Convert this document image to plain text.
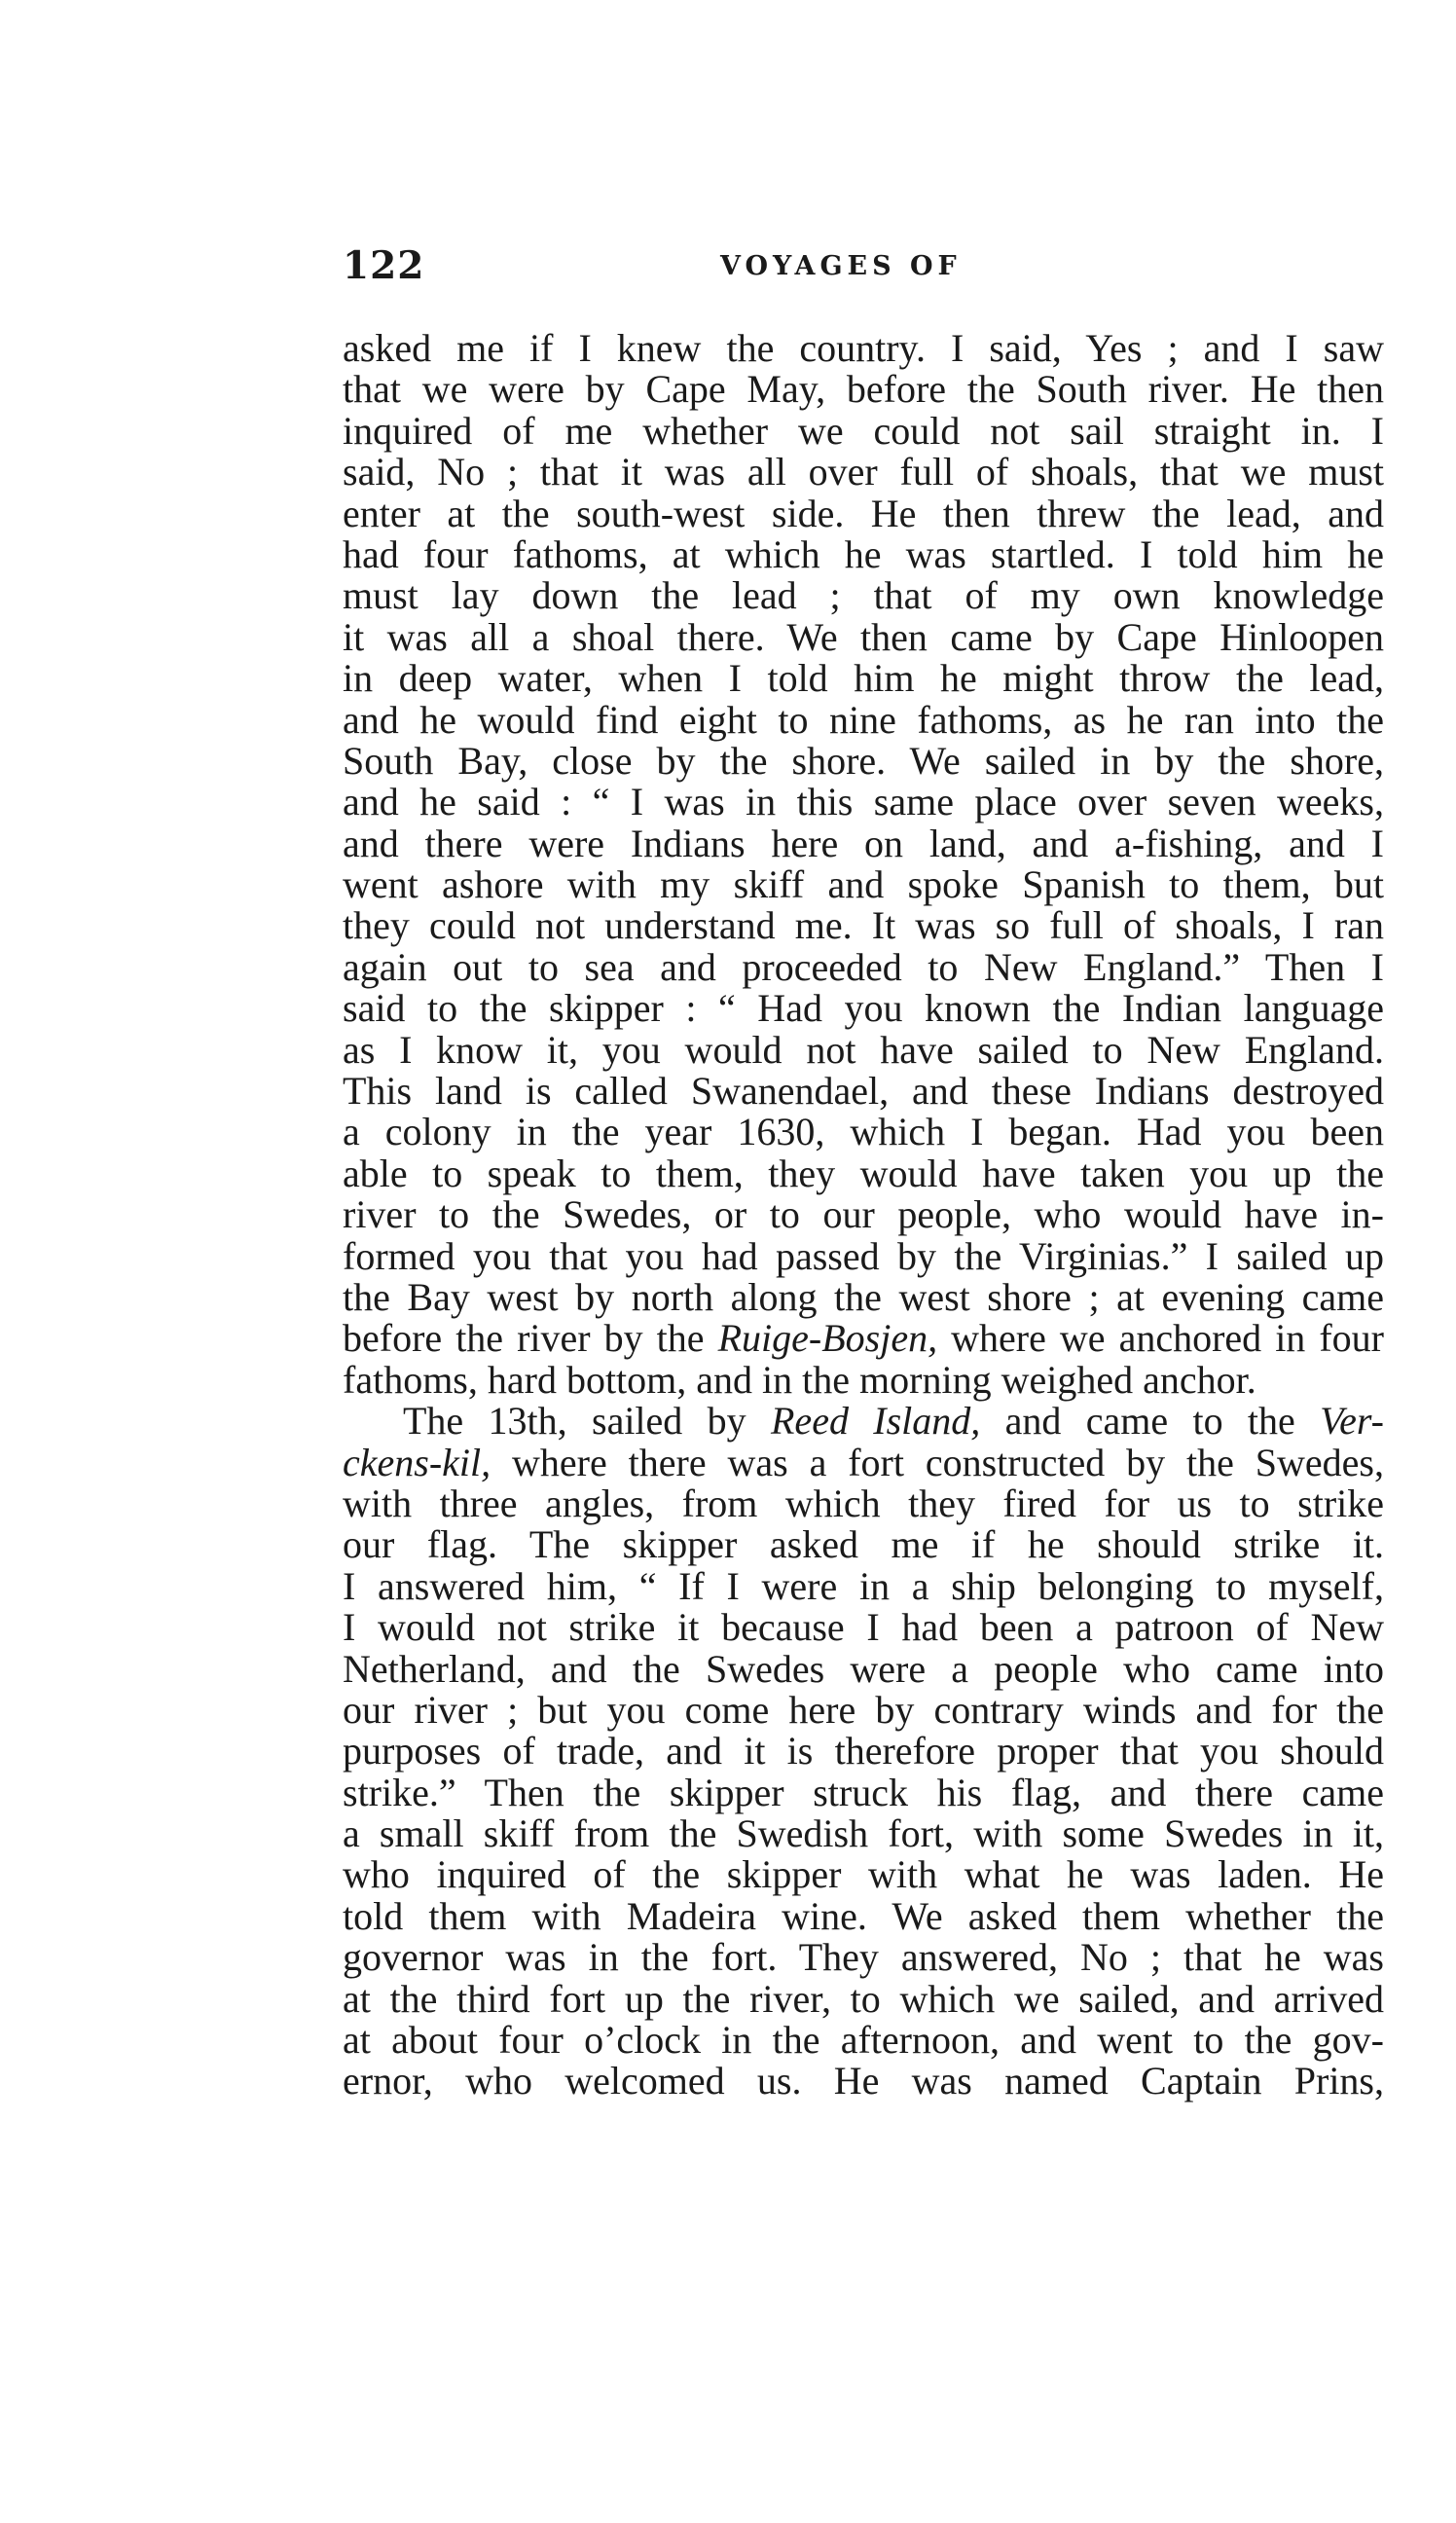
122	VOYAGES OF
asked me if I knew the country. I said, Yes ; and I saw
that we were by Cape May, before the South river. He then
inquired of me whether we could not sail straight in. I
said, No ; that it was all over full of shoals, that we must
enter at the south-west side. He then threw the lead, and
had four fathoms, at which he was startled. I told him he
must lay down the lead ; that of my own knowledge
it was all a shoal there. We then came by Cape Hinloopen
in deep water, when I told him he might throw the lead,
and he would find eight to nine fathoms, as he ran into the
South Bay, close by the shore. We sailed in by the shore,
and he said : “ I was in this same place over seven weeks,
and there were Indians here on land, and a-fishing, and I
went ashore with my skiff and spoke Spanish to them, but
they could not understand me. It was so full of shoals, I ran
again out to sea and proceeded to New England.” Then I
said to the skipper : “ Had you known the Indian language
as I know it, you would not have sailed to New England.
This land is called Swanendael, and these Indians destroyed
a colony in the year 1630, which I began. Had you been
able to speak to them, they would have taken you up the
river to the Swedes, or to our people, who would have in-
formed you that you had passed by the Virginias.” I sailed up
the Bay west by north along the west shore ; at evening came
before the river by the Ruige-Bosjen, where we anchored in four
fathoms, hard bottom, and in the morning weighed anchor.
The 13th, sailed by Reed Island, and came to the Ver-
ckens-kil, where there was a fort constructed by the Swedes,
with three angles, from which they fired for us to strike
our flag. The skipper asked me if he should strike it.
I answered him, “ If I were in a ship belonging to myself,
I would not strike it because I had been a patroon of New
Netherland, and the Swedes were a people who came into
our river ; but you come here by contrary winds and for the
purposes of trade, and it is therefore proper that you should
strike.” Then the skipper struck his flag, and there came
a small skiff from the Swedish fort, with some Swedes in it,
who inquired of the skipper with what he was laden. He
told them with Madeira wine. We asked them whether the
governor was in the fort. They answered, No ; that he was
at the third fort up the river, to which we sailed, and arrived
at about four o’clock in the afternoon, and went to the gov-
ernor, who welcomed us. He was named Captain Prins,
